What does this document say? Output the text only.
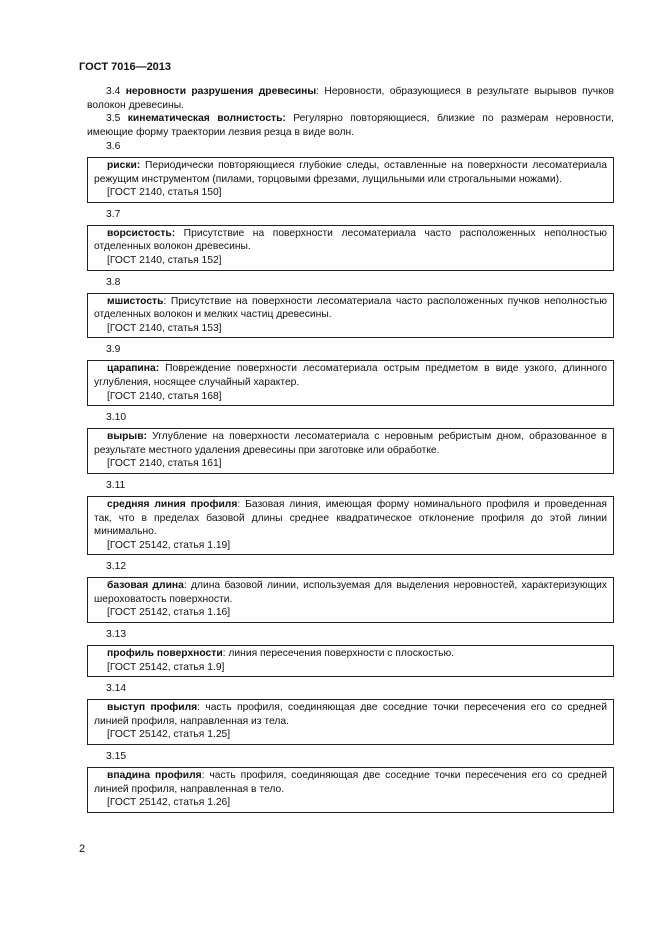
ГОСТ 7016—2013

3.4 неровности разрушения древесины: Неровности, образующиеся в результате вырывов пучков волокон древесины.

3.5 кинематическая волнистость: Регулярно повторяющиеся, близкие по размерам неровности, имеющие форму траектории лезвия резца в виде волн.

3.6

риски: Периодически повторяющиеся глубокие следы, оставленные на поверхности лесоматериала режущим инструментом (пилами, торцовыми фрезами, лущильными или строгальными ножами).

[ГОСТ 2140, статья 150]

3.7

ворсистость: Присутствие на поверхности лесоматериала часто расположенных неполностью отделенных волокон древесины.

[ГОСТ 2140, статья 152]

3.8

мшистость: Присутствие на поверхности лесоматериала часто расположенных пучков неполностью отделенных волокон и мелких частиц древесины.

[ГОСТ 2140, статья 153]

3.9

царапина: Повреждение поверхности лесоматериала острым предметом в виде узкого, длинного углубления, носящее случайный характер.

[ГОСТ 2140, статья 168]

3.10

вырыв: Углубление на поверхности лесоматериала с неровным ребристым дном, образованное в результате местного удаления древесины при заготовке или обработке.

[ГОСТ 2140, статья 161]

3.11

средняя линия профиля: Базовая линия, имеющая форму номинального профиля и проведенная так, что в пределах базовой длины среднее квадратическое отклонение профиля до этой линии минимально.

[ГОСТ 25142, статья 1.19]

3.12

базовая длина: длина базовой линии, используемая для выделения неровностей, характеризующих шероховатость поверхности.

[ГОСТ 25142, статья 1.16]

3.13

профиль поверхности: линия пересечения поверхности с плоскостью.

[ГОСТ 25142, статья 1.9]

3.14

выступ профиля: часть профиля, соединяющая две соседние точки пересечения его со средней линией профиля, направленная из тела.

[ГОСТ 25142, статья 1.25]

3.15

впадина профиля: часть профиля, соединяющая две соседние точки пересечения его со средней линией профиля, направленная в тело.

[ГОСТ 25142, статья 1.26]

2
